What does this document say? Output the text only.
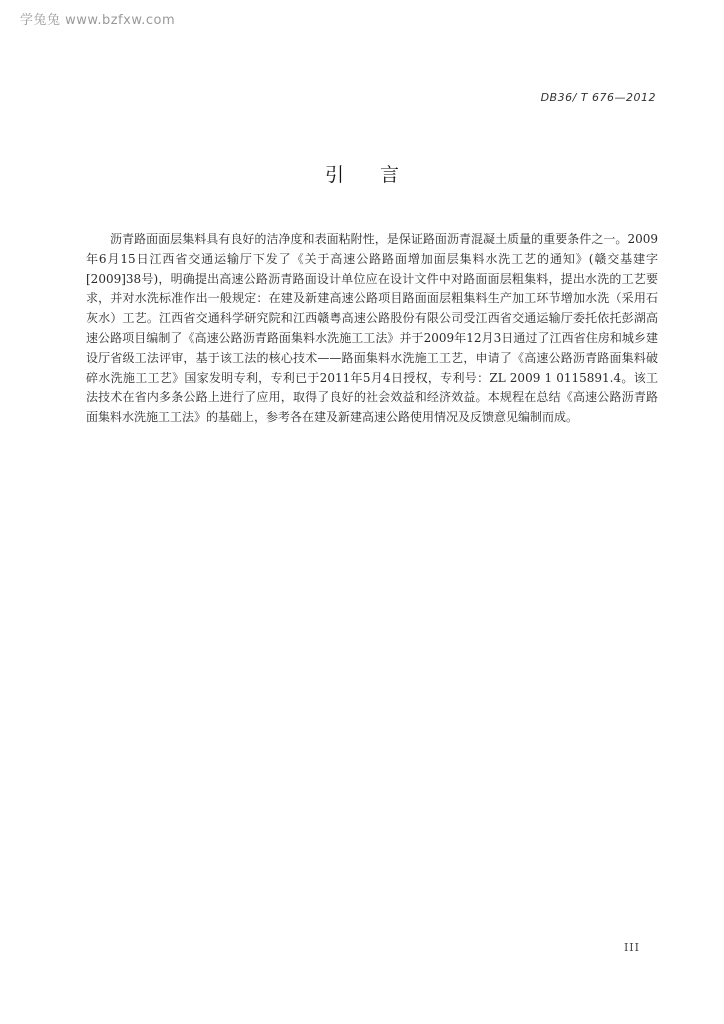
学兔兔 www.bzfxw.com
DB36/ T 676—2012
引言

沥青路面面层集料具有良好的洁净度和表面粘附性，是保证路面沥青混凝土质量的重要条件之一。2009年6月15日江西省交通运输厅下发了《关于高速公路路面增加面层集料水洗工艺的通知》(赣交基建字[2009]38号)，明确提出高速公路沥青路面设计单位应在设计文件中对路面面层粗集料，提出水洗的工艺要求，并对水洗标准作出一般规定：在建及新建高速公路项目路面面层粗集料生产加工环节增加水洗（采用石灰水）工艺。江西省交通科学研究院和江西赣粤高速公路股份有限公司受江西省交通运输厅委托依托彭湖高速公路项目编制了《高速公路沥青路面集料水洗施工工法》并于2009年12月3日通过了江西省住房和城乡建设厅省级工法评审，基于该工法的核心技术——路面集料水洗施工工艺，申请了《高速公路沥青路面集料破碎水洗施工工艺》国家发明专利，专利已于2011年5月4日授权，专利号：ZL 2009 1 0115891.4。该工法技术在省内多条公路上进行了应用，取得了良好的社会效益和经济效益。本规程在总结《高速公路沥青路面集料水洗施工工法》的基础上，参考各在建及新建高速公路使用情况及反馈意见编制而成。

III
